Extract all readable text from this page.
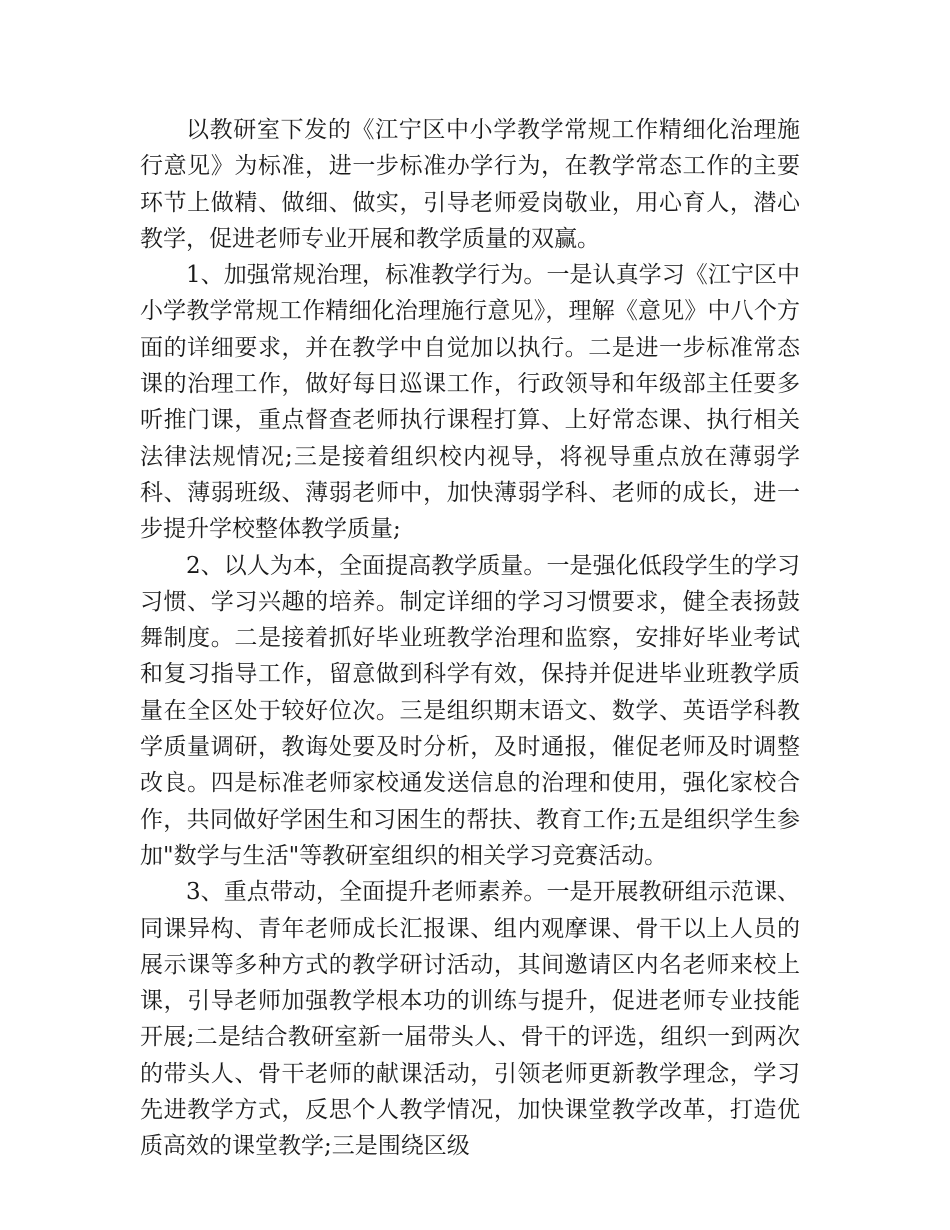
以教研室下发的《江宁区中小学教学常规工作精细化治理施行意见》为标准，进一步标准办学行为，在教学常态工作的主要环节上做精、做细、做实，引导老师爱岗敬业，用心育人，潜心教学，促进老师专业开展和教学质量的双赢。

1、加强常规治理，标准教学行为。一是认真学习《江宁区中小学教学常规工作精细化治理施行意见》，理解《意见》中八个方面的详细要求，并在教学中自觉加以执行。二是进一步标准常态课的治理工作，做好每日巡课工作，行政领导和年级部主任要多听推门课，重点督查老师执行课程打算、上好常态课、执行相关法律法规情况;三是接着组织校内视导，将视导重点放在薄弱学科、薄弱班级、薄弱老师中，加快薄弱学科、老师的成长，进一步提升学校整体教学质量;

2、以人为本，全面提高教学质量。一是强化低段学生的学习习惯、学习兴趣的培养。制定详细的学习习惯要求，健全表扬鼓舞制度。二是接着抓好毕业班教学治理和监察，安排好毕业考试和复习指导工作，留意做到科学有效，保持并促进毕业班教学质量在全区处于较好位次。三是组织期末语文、数学、英语学科教学质量调研，教诲处要及时分析，及时通报，催促老师及时调整改良。四是标准老师家校通发送信息的治理和使用，强化家校合作，共同做好学困生和习困生的帮扶、教育工作;五是组织学生参加"数学与生活"等教研室组织的相关学习竞赛活动。

3、重点带动，全面提升老师素养。一是开展教研组示范课、同课异构、青年老师成长汇报课、组内观摩课、骨干以上人员的展示课等多种方式的教学研讨活动，其间邀请区内名老师来校上课，引导老师加强教学根本功的训练与提升，促进老师专业技能开展;二是结合教研室新一届带头人、骨干的评选，组织一到两次的带头人、骨干老师的献课活动，引领老师更新教学理念，学习先进教学方式，反思个人教学情况，加快课堂教学改革，打造优质高效的课堂教学;三是围绕区级
